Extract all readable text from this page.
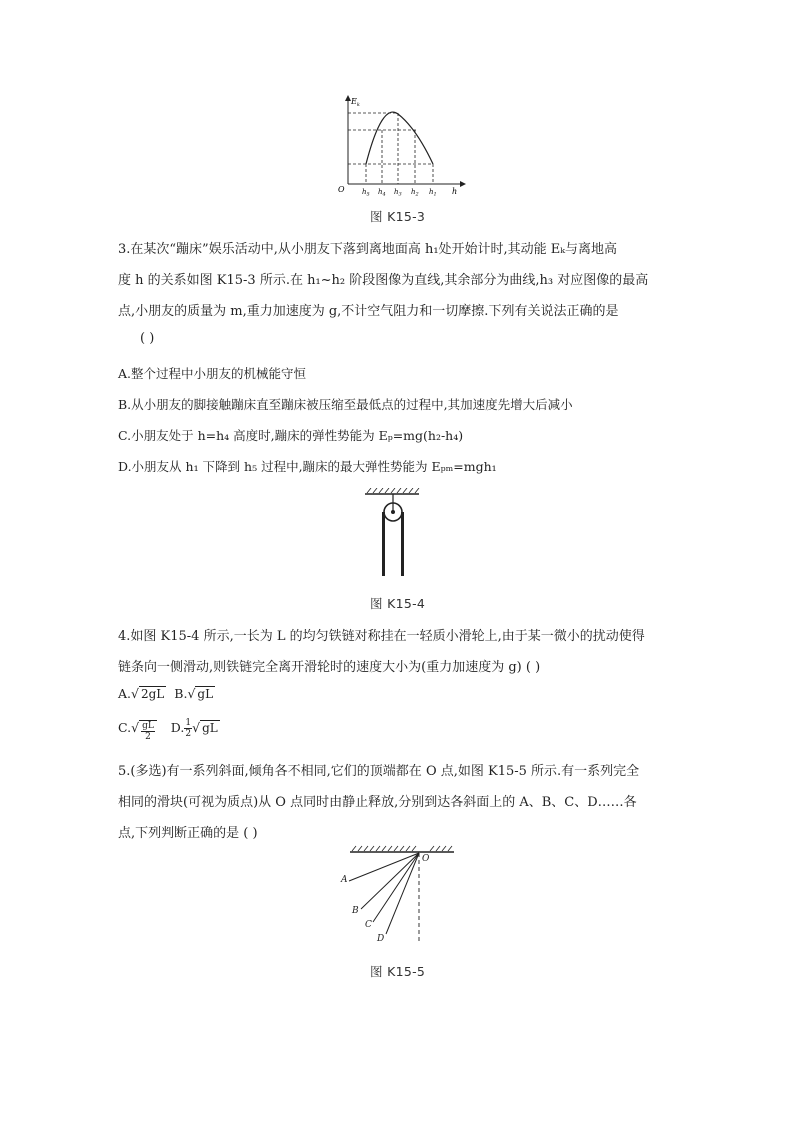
$E_k$
O	h
$h_5$ $h_4$ $h_3$ $h_2$ $h_1$
图 K15-3
3.在某次“蹦床”娱乐活动中,从小朋友下落到离地面高 h₁处开始计时,其动能 Eₖ与离地高
度 h 的关系如图 K15-3 所示.在 h₁~h₂ 阶段图像为直线,其余部分为曲线,h₃ 对应图像的最高
点,小朋友的质量为 m,重力加速度为 g,不计空气阻力和一切摩擦.下列有关说法正确的是
( )
A.整个过程中小朋友的机械能守恒
B.从小朋友的脚接触蹦床直至蹦床被压缩至最低点的过程中,其加速度先增大后减小
C.小朋友处于 h=h₄ 高度时,蹦床的弹性势能为 Eₚ=mg(h₂-h₄)
D.小朋友从 h₁ 下降到 h₅ 过程中,蹦床的最大弹性势能为 Eₚₘ=mgh₁
图 K15-4
4.如图 K15-4 所示,一长为 L 的均匀铁链对称挂在一轻质小滑轮上,由于某一微小的扰动使得
链条向一侧滑动,则铁链完全离开滑轮时的速度大小为(重力加速度为 g) ( )
A.√ 2gL B.√ gL
$C.√ \frac{gL}{2} D$. $\frac{1}{2}$ √ gL
5.(多选)有一系列斜面,倾角各不相同,它们的顶端都在 O 点,如图 K15-5 所示.有一系列完全
相同的滑块(可视为质点)从 O 点同时由静止释放,分别到达各斜面上的 A、B、C、D……各
点,下列判断正确的是 ( )
O
A
B
C
D
图 K15-5
